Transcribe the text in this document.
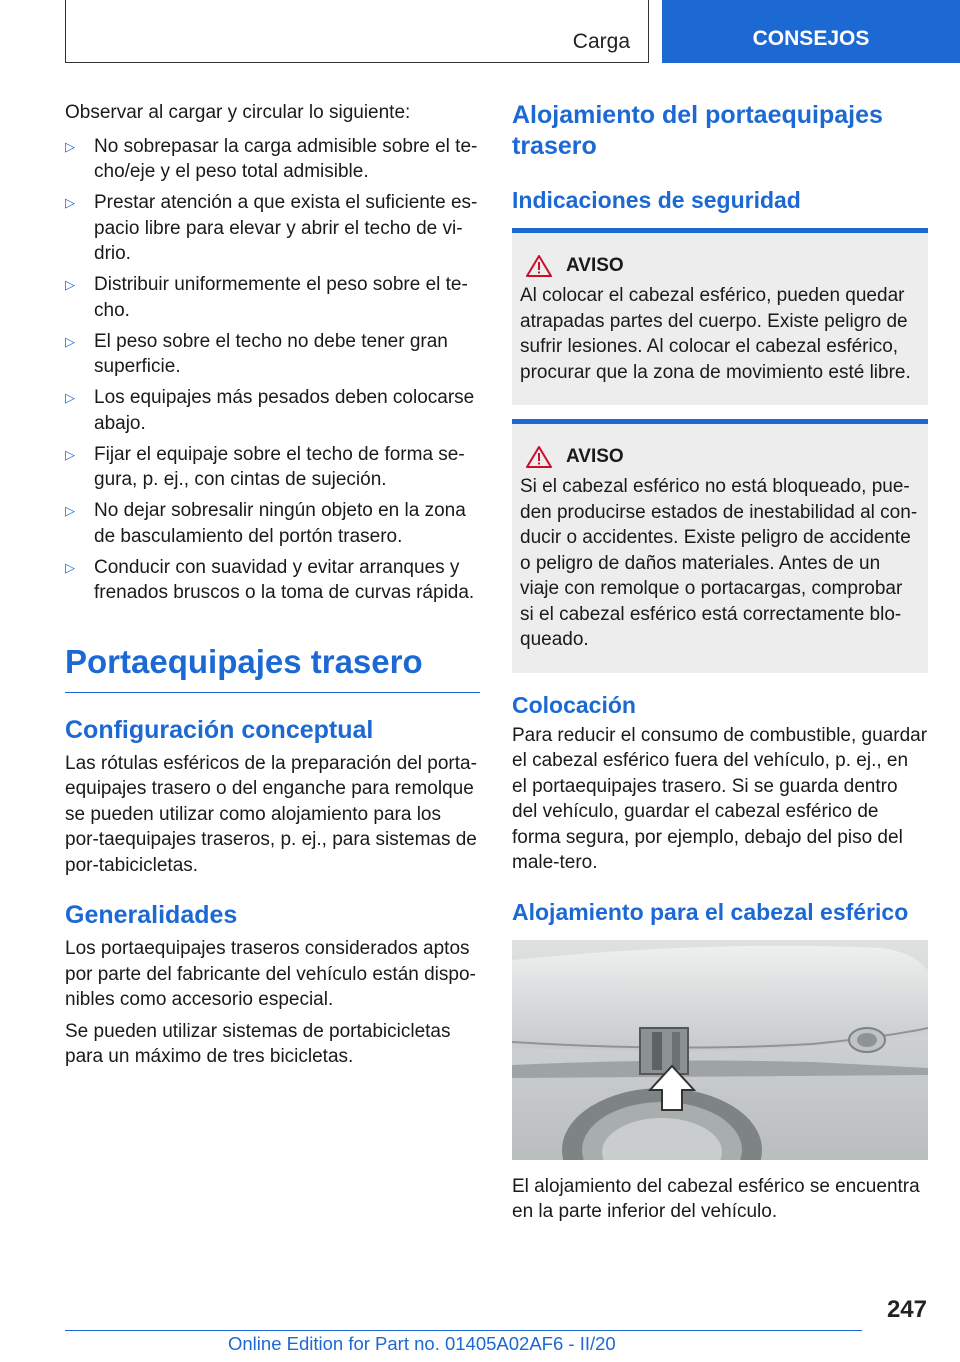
Carga	CONSEJOS

Observar al cargar y circular lo siguiente:

▷ No sobrepasar la carga admisible sobre el te-cho/eje y el peso total admisible.
▷ Prestar atención a que exista el suficiente es-pacio libre para elevar y abrir el techo de vi-drio.
▷ Distribuir uniformemente el peso sobre el te-cho.
▷ El peso sobre el techo no debe tener gran superficie.
▷ Los equipajes más pesados deben colocarse abajo.
▷ Fijar el equipaje sobre el techo de forma se-gura, p. ej., con cintas de sujeción.
▷ No dejar sobresalir ningún objeto en la zona de basculamiento del portón trasero.
▷ Conducir con suavidad y evitar arranques y frenados bruscos o la toma de curvas rápida.
Portaequipajes trasero
Configuración conceptual

Las rótulas esféricos de la preparación del porta-equipajes trasero o del enganche para remolque se pueden utilizar como alojamiento para los por-taequipajes traseros, p. ej., para sistemas de por-tabicicletas.

Generalidades

Los portaequipajes traseros considerados aptos por parte del fabricante del vehículo están dispo-nibles como accesorio especial.

Se pueden utilizar sistemas de portabicicletas para un máximo de tres bicicletas.

Alojamiento del portaequipajes trasero
Indicaciones de seguridad
AVISO

Al colocar el cabezal esférico, pueden quedar atrapadas partes del cuerpo. Existe peligro de sufrir lesiones. Al colocar el cabezal esférico, procurar que la zona de movimiento esté libre.

AVISO

Si el cabezal esférico no está bloqueado, pue-den producirse estados de inestabilidad al con-ducir o accidentes. Existe peligro de accidente o peligro de daños materiales. Antes de un viaje con remolque o portacargas, comprobar si el cabezal esférico está correctamente blo-queado.

Colocación

Para reducir el consumo de combustible, guardar el cabezal esférico fuera del vehículo, p. ej., en el portaequipajes trasero. Si se guarda dentro del vehículo, guardar el cabezal esférico de forma segura, por ejemplo, debajo del piso del male-tero.

Alojamiento para el cabezal esférico

El alojamiento del cabezal esférico se encuentra en la parte inferior del vehículo.

247
Online Edition for Part no. 01405A02AF6 - II/20
